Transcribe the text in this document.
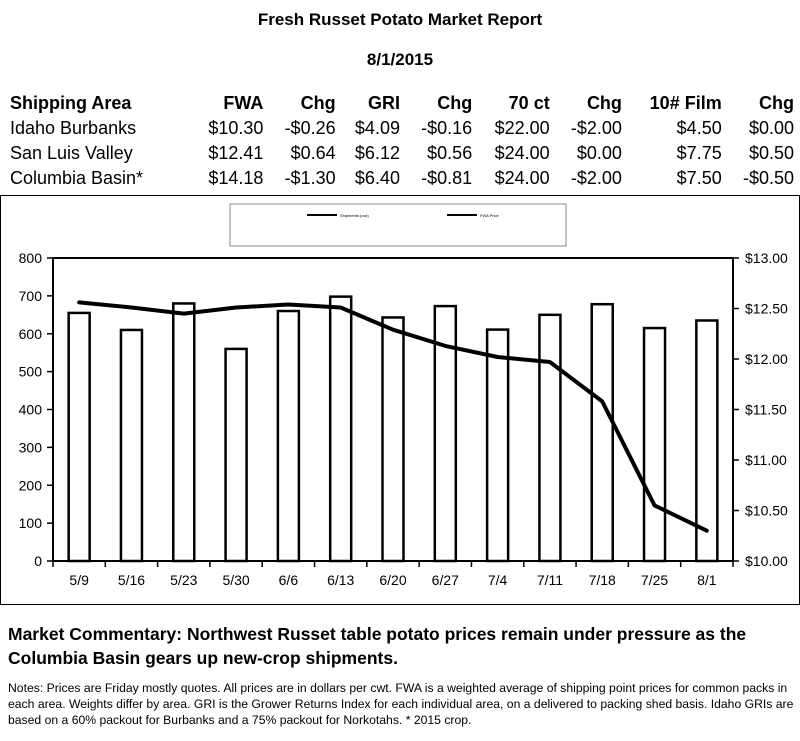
Fresh Russet Potato Market Report
8/1/2015
Shipping Area	FWA	Chg	GRI	Chg	70 ct	Chg	10# Film	Chg
Idaho Burbanks	$10.30	-$0.26	$4.09	-$0.16	$22.00	-$2.00	$4.50	$0.00
San Luis Valley	$12.41	$0.64	$6.12	$0.56	$24.00	$0.00	$7.75	$0.50
Columbia Basin*	$14.18	-$1.30	$6.40	-$0.81	$24.00	-$2.00	$7.50	-$0.50
Shipments (cwt)	FWA Price
0
100
200
300
400
500
600
700
800
$10.00
$10.50
$11.00
$11.50
$12.00
$12.50
$13.00
5/9 5/16 5/23 5/30 6/6 6/13 6/20 6/27 7/4 7/11 7/18 7/25 8/1
Market Commentary: Northwest Russet table potato prices remain under pressure as the Columbia Basin gears up new-crop shipments.
Notes: Prices are Friday mostly quotes. All prices are in dollars per cwt. FWA is a weighted average of shipping point prices for common packs in each area. Weights differ by area. GRI is the Grower Returns Index for each individual area, on a delivered to packing shed basis. Idaho GRIs are based on a 60% packout for Burbanks and a 75% packout for Norkotahs. * 2015 crop.
